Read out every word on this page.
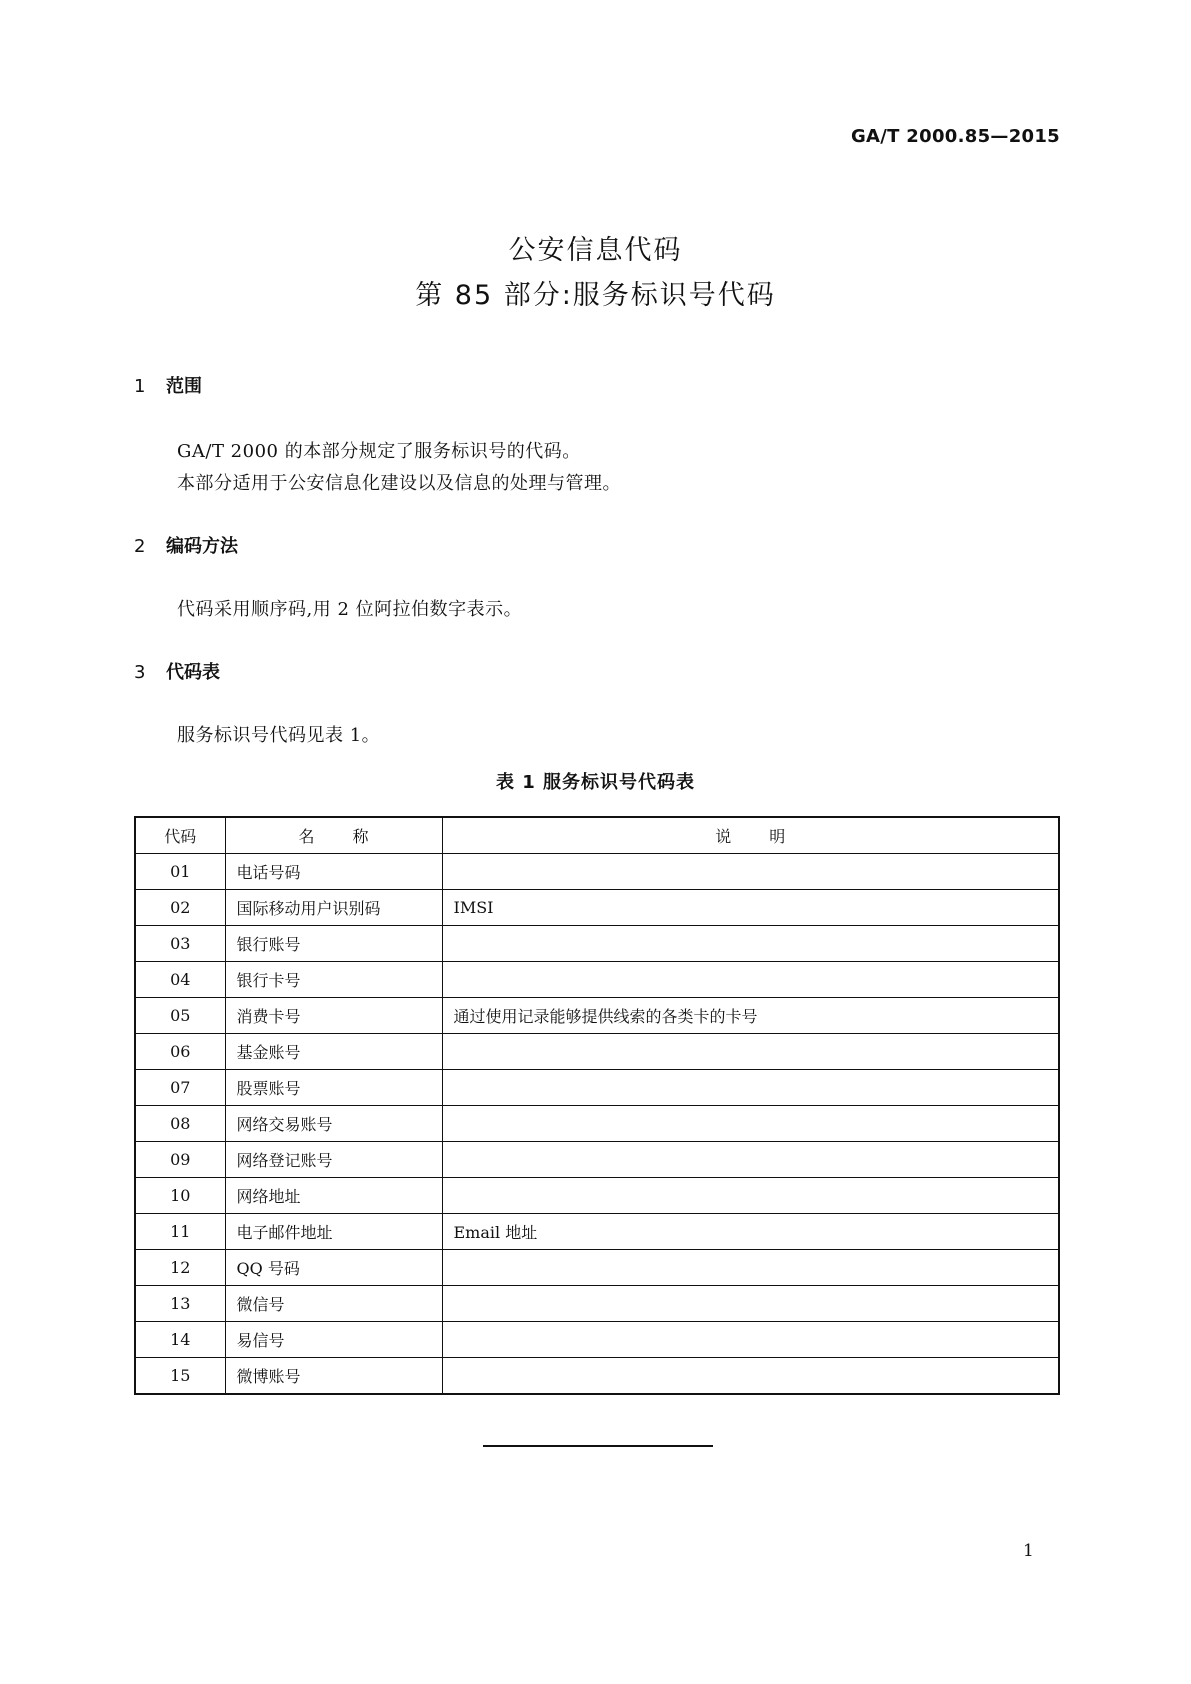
GA/T 2000.85—2015
公安信息代码
第 85 部分:服务标识号代码
1 范围
GA/T 2000 的本部分规定了服务标识号的代码。
本部分适用于公安信息化建设以及信息的处理与管理。
2 编码方法
代码采用顺序码,用 2 位阿拉伯数字表示。
3 代码表
服务标识号代码见表 1。
表 1 服务标识号代码表
代码	名称	说明
01	电话号码	
02	国际移动用户识别码	IMSI
03	银行账号	
04	银行卡号	
05	消费卡号	通过使用记录能够提供线索的各类卡的卡号
06	基金账号	
07	股票账号	
08	网络交易账号	
09	网络登记账号	
10	网络地址	
11	电子邮件地址	Email 地址
12	QQ 号码	
13	微信号	
14	易信号	
15	微博账号	
1
